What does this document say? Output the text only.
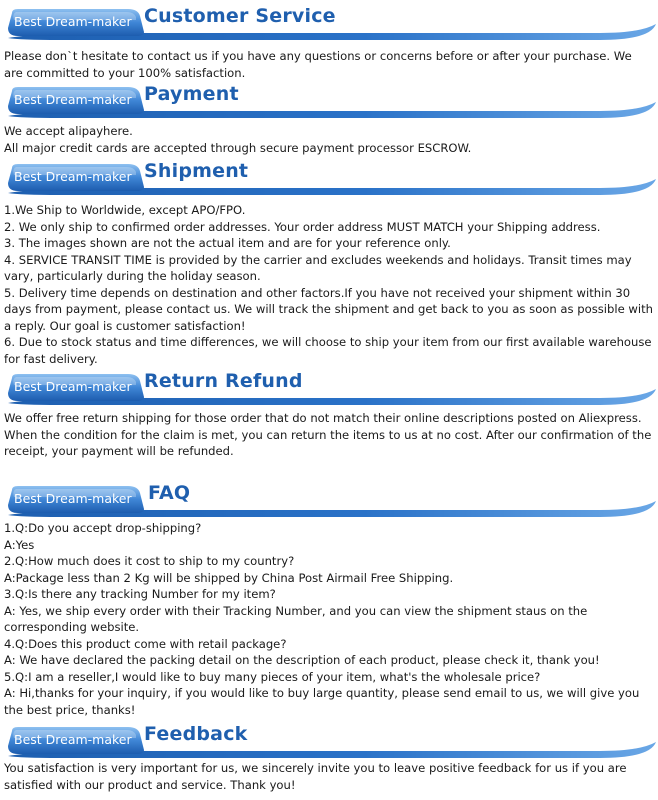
Best Dream-maker Customer Service

Please don`t hesitate to contact us if you have any questions or concerns before or after your purchase. We are committed to your 100% satisfaction.

Best Dream-maker Payment

We accept alipayhere.

All major credit cards are accepted through secure payment processor ESCROW.

Best Dream-maker Shipment

1.We Ship to Worldwide, except APO/FPO.

2. We only ship to confirmed order addresses. Your order address MUST MATCH your Shipping address.

3. The images shown are not the actual item and are for your reference only.

4. SERVICE TRANSIT TIME is provided by the carrier and excludes weekends and holidays. Transit times may vary, particularly during the holiday season.

5. Delivery time depends on destination and other factors.If you have not received your shipment within 30 days from payment, please contact us. We will track the shipment and get back to you as soon as possible with a reply. Our goal is customer satisfaction!

6. Due to stock status and time differences, we will choose to ship your item from our first available warehouse for fast delivery.

Best Dream-maker Return Refund

We offer free return shipping for those order that do not match their online descriptions posted on Aliexpress. When the condition for the claim is met, you can return the items to us at no cost. After our confirmation of the receipt, your payment will be refunded.

Best Dream-maker FAQ

1.Q:Do you accept drop-shipping?

A:Yes

2.Q:How much does it cost to ship to my country?

A:Package less than 2 Kg will be shipped by China Post Airmail Free Shipping.

3.Q:Is there any tracking Number for my item?

A: Yes, we ship every order with their Tracking Number, and you can view the shipment staus on the corresponding website.

4.Q:Does this product come with retail package?

A: We have declared the packing detail on the description of each product, please check it, thank you!

5.Q:I am a reseller,I would like to buy many pieces of your item, what's the wholesale price?

A: Hi,thanks for your inquiry, if you would like to buy large quantity, please send email to us, we will give you the best price, thanks!

Best Dream-maker Feedback

You satisfaction is very important for us, we sincerely invite you to leave positive feedback for us if you are satisfied with our product and service. Thank you!
